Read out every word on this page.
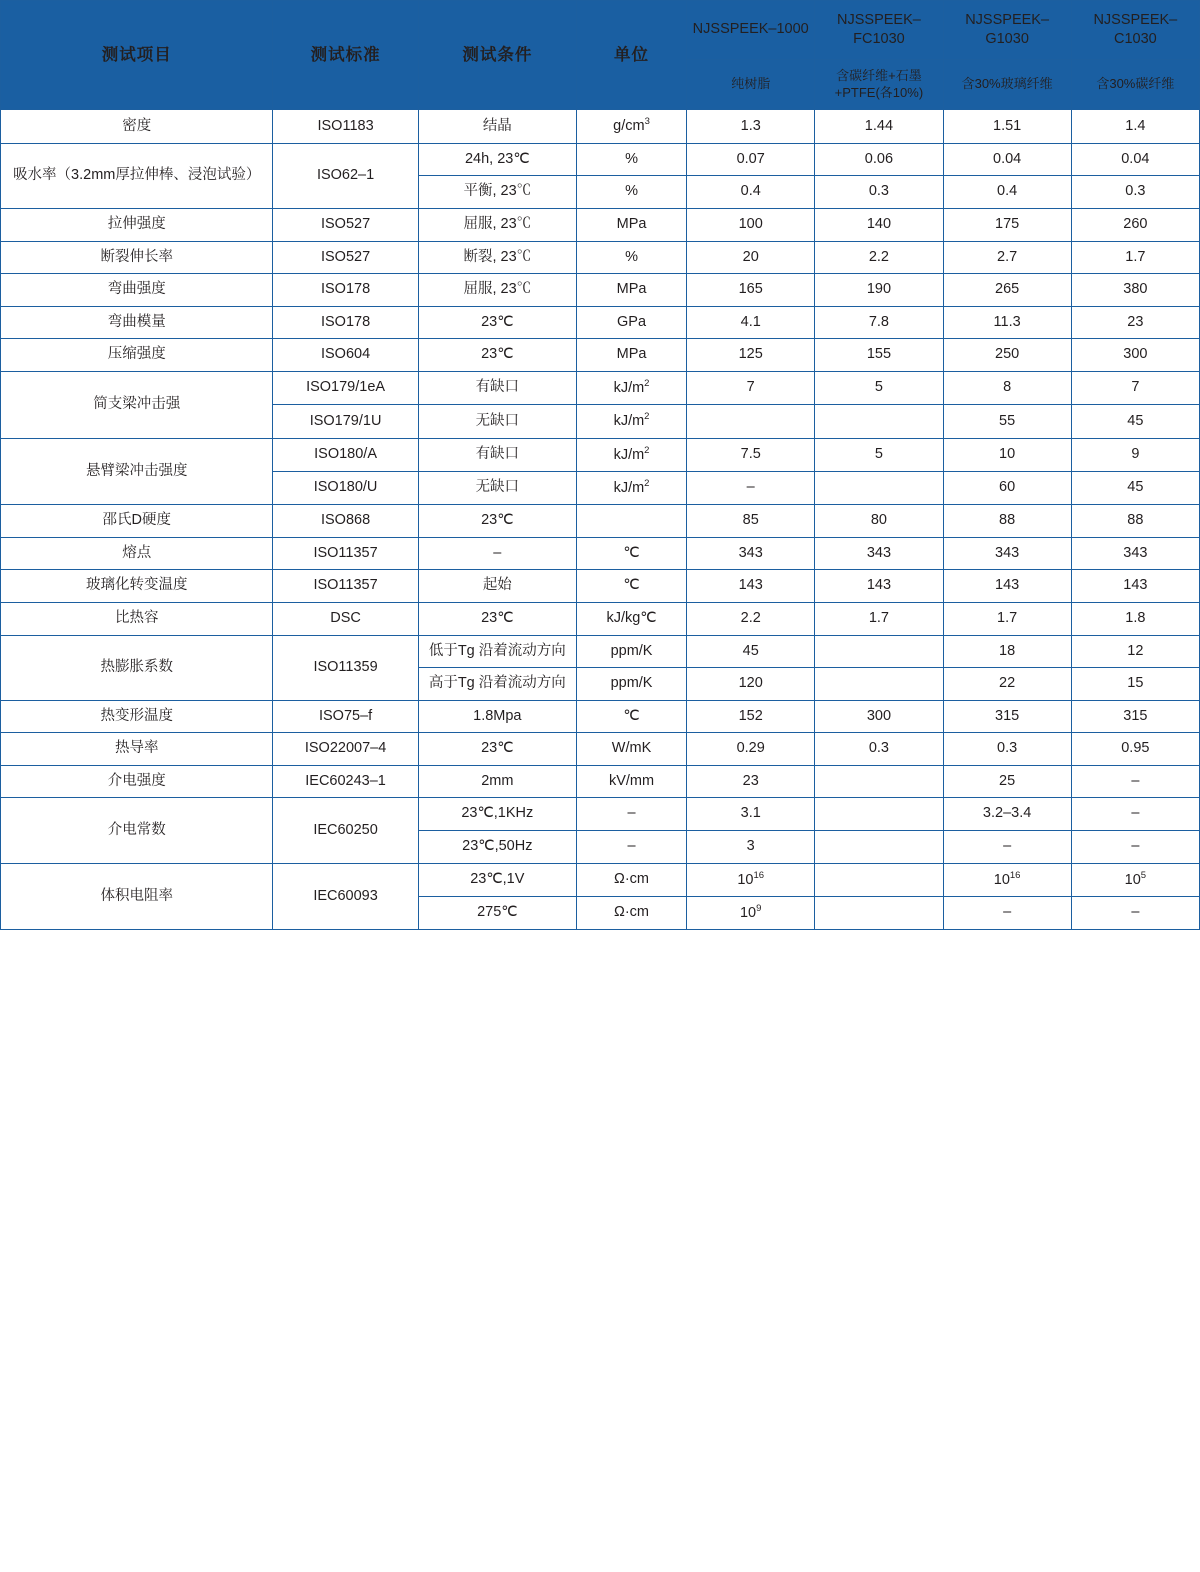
测试项目	测试标准	测试条件	单位	NJSSPEEK–1000	NJSSPEEK–FC1030	NJSSPEEK–G1030	NJSSPEEK–C1030
				纯树脂	含碳纤维+石墨+PTFE(各10%)	含30%玻璃纤维	含30%碳纤维
密度	ISO1183	结晶	$g/cm^3$	1.3	1.44	1.51	1.4
吸水率（3.2mm厚拉伸棒、浸泡试验）	ISO62–1	24h, 23℃	%	0.07	0.06	0.04	0.04
		平衡, 23℃	%	0.4	0.3	0.4	0.3
拉伸强度	ISO527	屈服, 23℃	MPa	100	140	175	260
断裂伸长率	ISO527	断裂, 23℃	%	20	2.2	2.7	1.7
弯曲强度	ISO178	屈服, 23℃	MPa	165	190	265	380
弯曲模量	ISO178	23℃	GPa	4.1	7.8	11.3	23
压缩强度	ISO604	23℃	MPa	125	155	250	300
简支梁冲击强	ISO179/1eA	有缺口	$kJ/m^2$	7	5	8	7
	ISO179/1U	无缺口	$kJ/m^2$			55	45
悬臂梁冲击强度	ISO180/A	有缺口	$kJ/m^2$	7.5	5	10	9
	ISO180/U	无缺口	$kJ/m^2$	–		60	45
邵氏D硬度	ISO868	23℃		85	80	88	88
熔点	ISO11357	–	℃	343	343	343	343
玻璃化转变温度	ISO11357	起始	℃	143	143	143	143
比热容	DSC	23℃	kJ/kg℃	2.2	1.7	1.7	1.8
热膨胀系数	ISO11359	低于Tg 沿着流动方向	ppm/K	45		18	12
		高于Tg 沿着流动方向	ppm/K	120		22	15
热变形温度	ISO75–f	1.8Mpa	℃	152	300	315	315
热导率	ISO22007–4	23℃	W/mK	0.29	0.3	0.3	0.95
介电强度	IEC60243–1	2mm	kV/mm	23		25	–
介电常数	IEC60250	23℃,1KHz	–	3.1		3.2–3.4	–
		23℃,50Hz	–	3		–	–
体积电阻率	IEC60093	23℃,1V	Ω·cm	$10^{16}$		$10^{16}$	$10^5$
		275℃	Ω·cm	$10^9$		–	–
